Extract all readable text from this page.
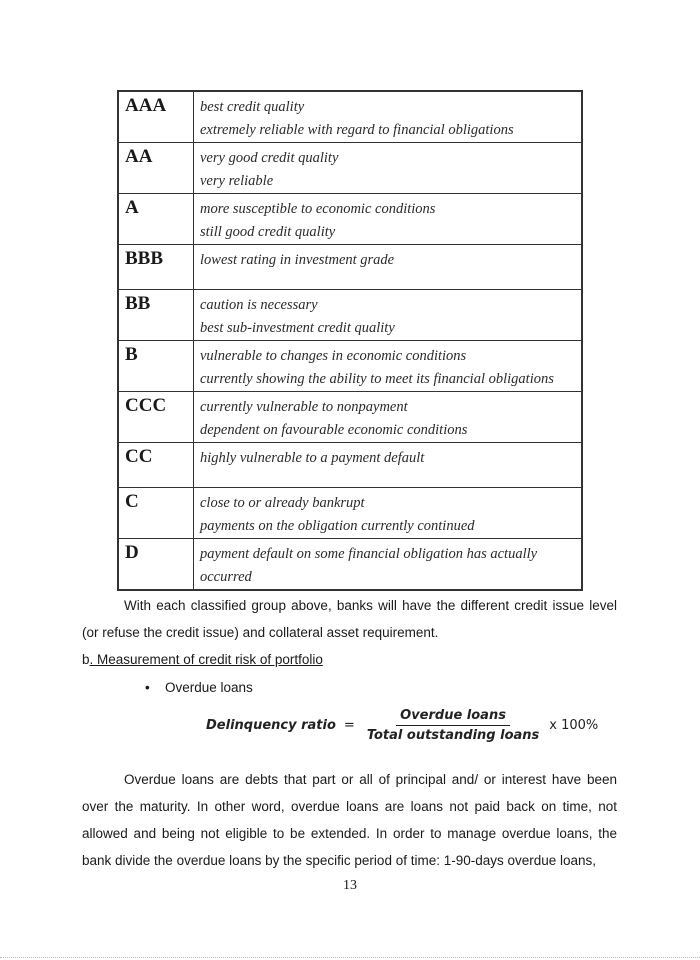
AAA	best credit quality
extremely reliable with regard to financial obligations

AA	very good credit quality
very reliable

A	more susceptible to economic conditions
still good credit quality

BBB	lowest rating in investment grade

BB	caution is necessary
best sub-investment credit quality

B	vulnerable to changes in economic conditions
currently showing the ability to meet its financial obligations

CCC	currently vulnerable to nonpayment
dependent on favourable economic conditions

CC	highly vulnerable to a payment default

C	close to or already bankrupt
payments on the obligation currently continued

D	payment default on some financial obligation has actually
occurred
With each classified group above, banks will have the different credit issue level (or refuse the credit issue) and collateral asset requirement.
b. Measurement of credit risk of portfolio
• Overdue loans
Delinquency ratio = $\frac{\text{Overdue loans}}{\text{Total outstanding loans}}$ x 100%
Overdue loans are debts that part or all of principal and/ or interest have been over the maturity. In other word, overdue loans are loans not paid back on time, not allowed and being not eligible to be extended. In order to manage overdue loans, the bank divide the overdue loans by the specific period of time: 1-90-days overdue loans,
13
